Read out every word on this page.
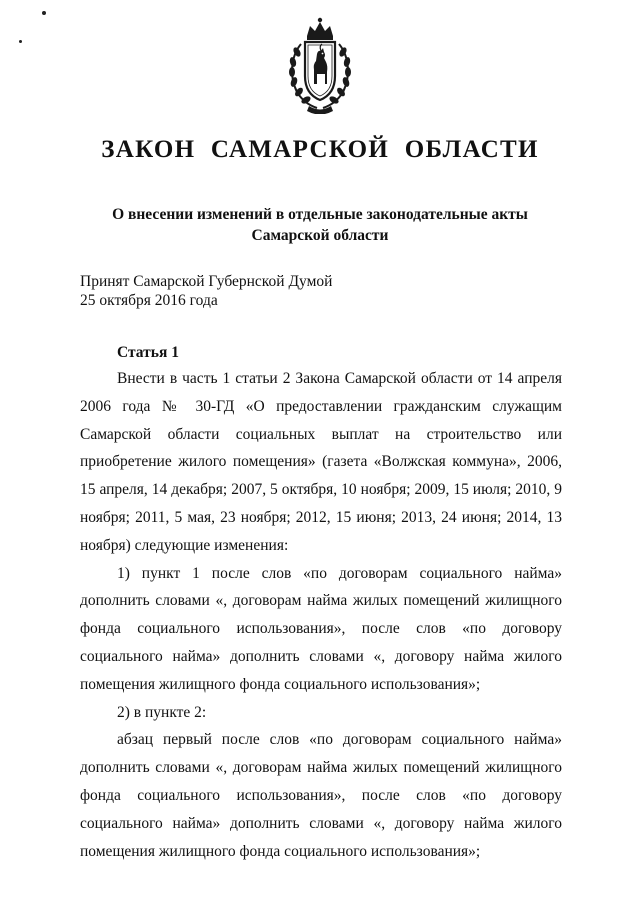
ЗАКОН САМАРСКОЙ ОБЛАСТИ
О внесении изменений в отдельные законодательные акты
Самарской области
Принят Самарской Губернской Думой
25 октября 2016 года
Статья 1

Внести в часть 1 статьи 2 Закона Самарской области от 14 апреля 2006 года № 30-ГД «О предоставлении гражданским служащим Самарской области социальных выплат на строительство или приобретение жилого помещения» (газета «Волжская коммуна», 2006, 15 апреля, 14 декабря; 2007, 5 октября, 10 ноября; 2009, 15 июля; 2010, 9 ноября; 2011, 5 мая, 23 ноября; 2012, 15 июня; 2013, 24 июня; 2014, 13 ноября) следующие изменения:

1) пункт 1 после слов «по договорам социального найма» дополнить словами «, договорам найма жилых помещений жилищного фонда социального использования», после слов «по договору социального найма» дополнить словами «, договору найма жилого помещения жилищного фонда социального использования»;

2) в пункте 2:

абзац первый после слов «по договорам социального найма» дополнить словами «, договорам найма жилых помещений жилищного фонда социального использования», после слов «по договору социального найма» дополнить словами «, договору найма жилого помещения жилищного фонда социального использования»;
